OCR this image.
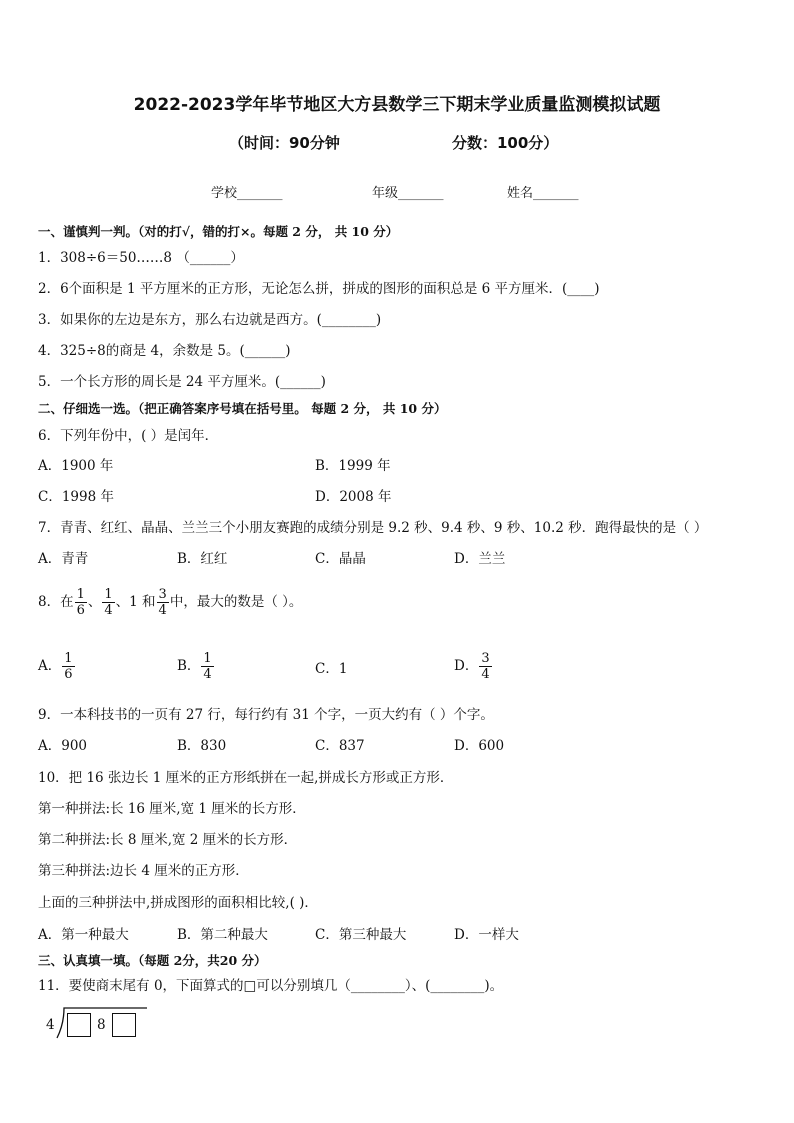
2022-2023学年毕节地区大方县数学三下期末学业质量监测模拟试题
（时间：90分钟	分数：100分）
学校_______	年级_______	姓名_______
一、谨慎判一判。（对的打√，错的打×。每题 2 分， 共 10 分）
1．308÷6＝50……8 （______）
2．6个面积是 1 平方厘米的正方形，无论怎么拼，拼成的图形的面积总是 6 平方厘米．(____)
3．如果你的左边是东方，那么右边就是西方。(________)
4．325÷8的商是 4，余数是 5。(______)
5．一个长方形的周长是 24 平方厘米。(______)
二、仔细选一选。（把正确答案序号填在括号里。 每题 2 分， 共 10 分）
6．下列年份中，( ）是闰年．
A．1900 年	B．1999 年
C．1998 年	D．2008 年
7．青青、红红、晶晶、兰兰三个小朋友赛跑的成绩分别是 9.2 秒、9.4 秒、9 秒、10.2 秒．跑得最快的是（ ）
A．青青	B．红红	C．晶晶	D．兰兰
8．在 $\frac{1}{6}$ 、 $\frac{1}{4}$ 、1 和 $\frac{3}{4}$ 中，最大的数是（ ）。
A． $\frac{1}{6}$	B． $\frac{1}{4}$	C．1	D． $\frac{3}{4}$
9．一本科技书的一页有 27 行，每行约有 31 个字，一页大约有（ ）个字。
A．900	B．830	C．837	D．600
10．把 16 张边长 1 厘米的正方形纸拼在一起,拼成长方形或正方形．
第一种拼法:长 16 厘米,宽 1 厘米的长方形．
第二种拼法:长 8 厘米,宽 2 厘米的长方形．
第三种拼法:边长 4 厘米的正方形．
上面的三种拼法中,拼成图形的面积相比较,( )．
A．第一种最大	B．第二种最大	C．第三种最大	D．一样大
三、认真填一填。（每题 2分，共20 分）
11．要使商末尾有 0，下面算式的□可以分别填几（________）、(________)。
4	8
